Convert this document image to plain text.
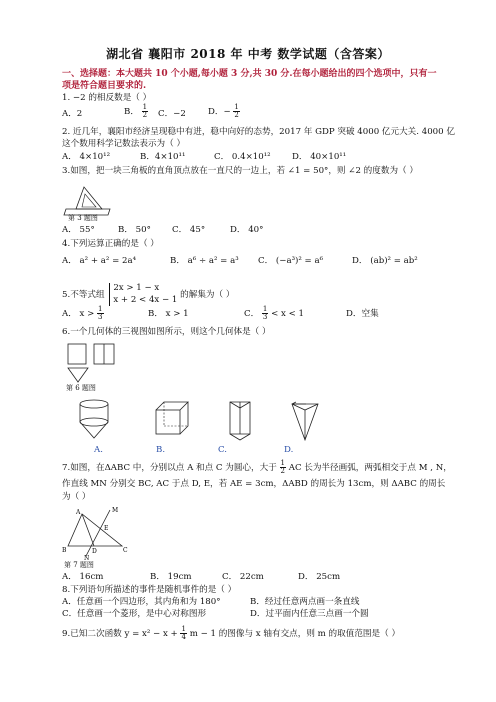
湖北省 襄阳市 2018 年 中考 数学试题（含答案）
一、选择题：本大题共 10 个小题,每小题 3 分,共 30 分.在每小题给出的四个选项中，只有一项是符合题目要求的.
1. −2 的相反数是（ ）
A．2	B． $\frac{1}{2}$ C．−2	D．− $\frac{1}{2}$
2. 近几年，襄阳市经济呈现稳中有进，稳中向好的态势，2017 年 GDP 突破 4000 亿元大关. 4000 亿
这个数用科学记数法表示为（ ）
A． 4×10¹²	B．4×10¹¹	C． 0.4×10¹² D． 40×10¹¹
3.如图，把一块三角板的直角顶点放在一直尺的一边上，若 ∠1 = 50°，则 ∠2 的度数为（ ）
第 3 题图
A． 55°	B． 50° C． 45°	D． 40°
4.下列运算正确的是（ ）
A． a² + a² = 2a⁴	B． a⁶ ÷ a² = a³ C． (−a³)² = a⁶	D． (ab)² = ab²
5.不等式组
2x > 1 − x
x + 2 < 4x − 1 的解集为（ ）
A． $x > \frac{1}{3}$	B． x > 1	C． $\frac{1}{3} < x < 1$	D．空集
6.一个几何体的三视图如图所示，则这个几何体是（ ）
第 6 题图
A.	B.	C.	D.
7.如图，在ΔABC 中，分别以点 A 和点 C 为圆心，大于 $\frac{1}{2}$ AC 长为半径画弧，两弧相交于点 M , N，
作直线 MN 分别交 BC, AC 于点 D, E，若 AE = 3cm，ΔABD 的周长为 13cm，则 ΔABC 的周长
为（ ）
A
B	C
D
E
M
N
第 7 题图
A． 16cm	B． 19cm	C． 22cm	D． 25cm
8.下列语句所描述的事件是随机事件的是（ ）
A．任意画一个四边形，其内角和为 180°	B．经过任意两点画一条直线
C．任意画一个菱形，是中心对称图形	D．过平面内任意三点画一个圆
9.已知二次函数 $y = x^2 - x + \frac{1}{4}$ m − 1 的图像与 x 轴有交点，则 m 的取值范围是（ ）
